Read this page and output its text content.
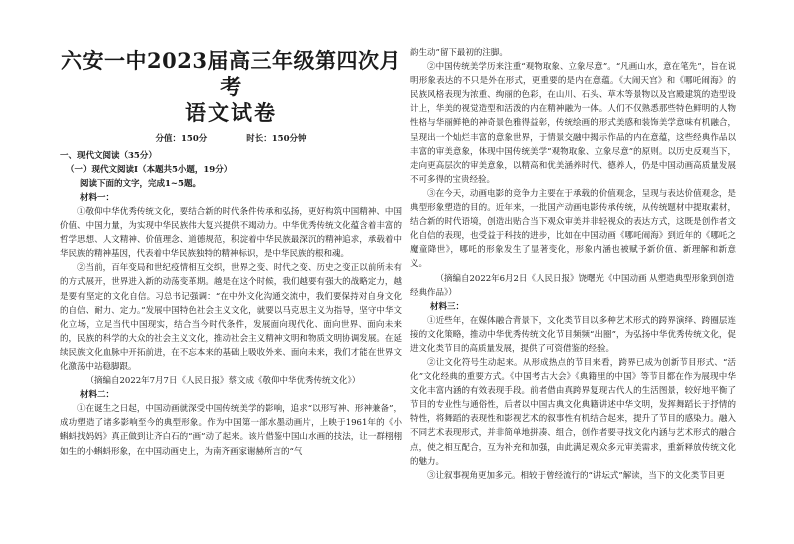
六安一中2023届高三年级第四次月考
语文试卷
分值：150分	时长：150分钟

一、现代文阅读（35分）

（一）现代文阅读Ⅰ（本题共5小题，19分）

阅读下面的文字，完成1~5题。

材料一：

①敬仰中华优秀传统文化，要结合新的时代条件传承和弘扬，更好构筑中国精神、中国价值、中国力量，为实现中华民族伟大复兴提供不竭动力。中华优秀传统文化蕴含着丰富的哲学思想、人文精神、价值理念、道德规范，积淀着中华民族最深沉的精神追求，承载着中华民族的精神基因，代表着中华民族独特的精神标识，是中华民族的根和魂。

②当前，百年变局和世纪疫情相互交织，世界之变、时代之变、历史之变正以前所未有的方式展开，世界进入新的动荡变革期。越是在这个时候，我们越要有强大的战略定力，越是要有坚定的文化自信。习总书记强调：“在中外文化沟通交流中，我们要保持对自身文化的自信、耐力、定力。”发展中国特色社会主义文化，就要以马克思主义为指导，坚守中华文化立场，立足当代中国现实，结合当今时代条件，发展面向现代化、面向世界、面向未来的，民族的科学的大众的社会主义文化，推动社会主义精神文明和物质文明协调发展。在延续民族文化血脉中开拓前进，在不忘本来的基础上吸收外来、面向未来，我们才能在世界文化激荡中站稳脚跟。

（摘编自2022年7月7日《人民日报》蔡文成《敬仰中华优秀传统文化》）

材料二：

①在诞生之日起，中国动画就深受中国传统美学的影响，追求“以形写神、形神兼备”，成功塑造了诸多影响至今的典型形象。作为中国第一部水墨动画片，上映于1961年的《小蝌蚪找妈妈》真正做到让齐白石的“画”动了起来。该片借鉴中国山水画的技法，让一群栩栩如生的小蝌蚪形象，在中国动画史上，为南齐画家谢赫所言的“气

韵生动”留下最初的注脚。

②中国传统美学历来注重“观物取象、立象尽意”。“凡画山水，意在笔先”，旨在说明形象表达的不只是外在形式，更重要的是内在意蕴。《大闹天宫》和《哪吒闹海》的民族风格表现为浓重、绚丽的色彩，在山川、石头、草木等景物以及宫殿建筑的造型设计上，华美的视觉造型和活泼的内在精神融为一体。人们不仅熟悉那些特色鲜明的人物性格与华丽鲜艳的神奇景色雅得益彰，传统绘画的形式美感和装饰美学意味有机融合，呈现出一个灿烂丰富的意象世界，于情景交融中揭示作品的内在意蕴，这些经典作品以丰富的审美意象，体现中国传统美学“观物取象、立象尽意”的原则。以历史反观当下，走向更高层次的审美意象，以精高和优美涵养时代、德养人，仍是中国动画高质量发展不可多得的宝贵经验。

③在今天，动画电影的竞争力主要在于承载的价值观念，呈现与表达价值观念，是典型形象塑造的目的。近年来，一批国产动画电影传承传统，从传统题材中提取素材，结合新的时代语境，创造出贴合当下观众审美并非轻视众的表达方式，这既是创作者文化自信的表现，也受益于科技的进步，比如在中国动画《哪吒闹海》到近年的《哪吒之魔童降世》，哪吒的形象发生了显著变化，形象内涵也被赋予新价值、新理解和新意义。

（摘编自2022年6月2日《人民日报》饶曙光《中国动画 从塑造典型形象到创造经典作品》）

材料三：

①近些年，在媒体融合背景下，文化类节目以多种艺术形式的跨界演绎、跨圈层连接的文化策略，推动中华优秀传统文化节目频频“出圈”，为弘扬中华优秀传统文化，促进文化类节目的高质量发展，提供了可资借鉴的经验。

②让文化符号生动起来。从形成热点的节目来看，跨界已成为创新节目形式、“活化”文化经典的重要方式。《中国考古大会》《典籍里的中国》等节目都在作为展现中华文化丰富内涵的有效表现手段。前者借由真跨界复现古代人的生活图景，较好地平衡了节目的专业性与通俗性，后者以中国古典文化典籍讲述中华文明，发挥舞蹈长于抒情的特性，将舞蹈的表现性和影视艺术的叙事性有机结合起来，提升了节目的感染力。融入不同艺术表现形式，并非简单地拼凑、组合，创作者要寻找文化内涵与艺术形式的融合点，使之相互配合，互为补充和加强，由此满足观众多元审美需求，重新释放传统文化的魅力。

③让叙事视角更加多元。相较于曾经流行的“讲坛式”解读，当下的文化类节目更
